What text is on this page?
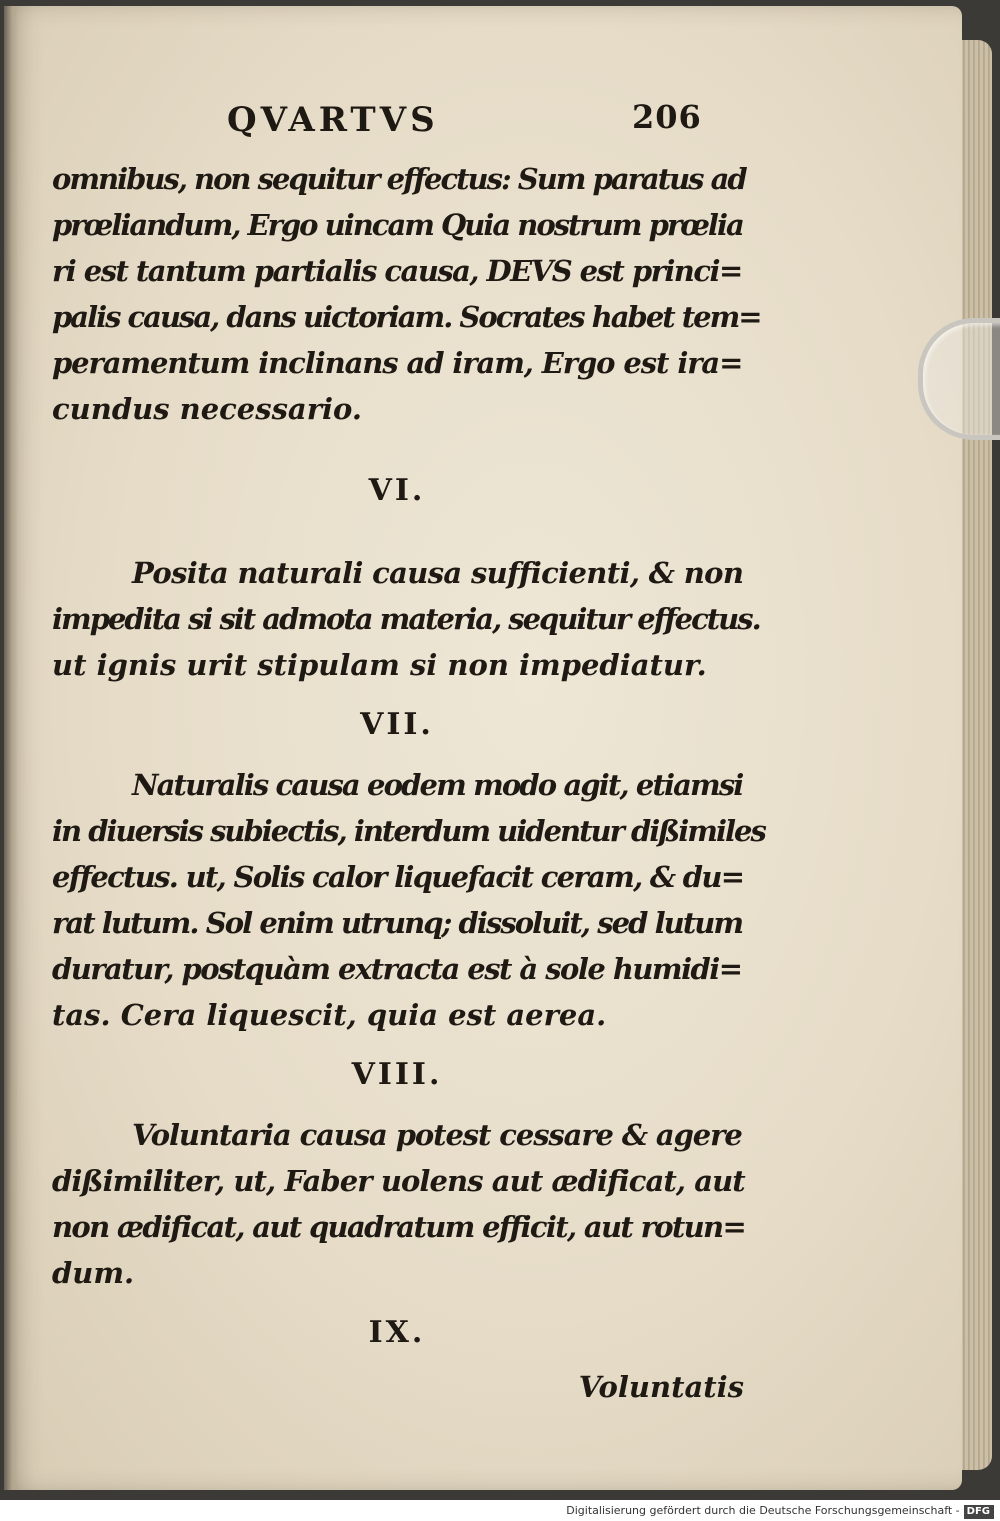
QVARTVS	206

omnibus, non sequitur effectus: Sum paratus ad
prœliandum, Ergo uincam Quia nostrum prœlia
ri est tantum partialis causa, DEVS est princi=
palis causa, dans uictoriam. Socrates habet tem=
peramentum inclinans ad iram, Ergo est ira=
cundus necessario.

VI.

Posita naturali causa sufficienti, & non
impedita si sit admota materia, sequitur effectus.
ut ignis urit stipulam si non impediatur.

VII.

Naturalis causa eodem modo agit, etiamsi
in diuersis subiectis, interdum uidentur dißimiles
effectus. ut, Solis calor liquefacit ceram, & du=
rat lutum. Sol enim utrunq; dissoluit, sed lutum
duratur, postquàm extracta est à sole humidi=
tas. Cera liquescit, quia est aerea.

VIII.

Voluntaria causa potest cessare & agere
dißimiliter, ut, Faber uolens aut ædificat, aut
non ædificat, aut quadratum efficit, aut rotun=
dum.

IX.
Voluntatis
Digitalisierung gefördert durch die Deutsche Forschungsgemeinschaft - DFG
